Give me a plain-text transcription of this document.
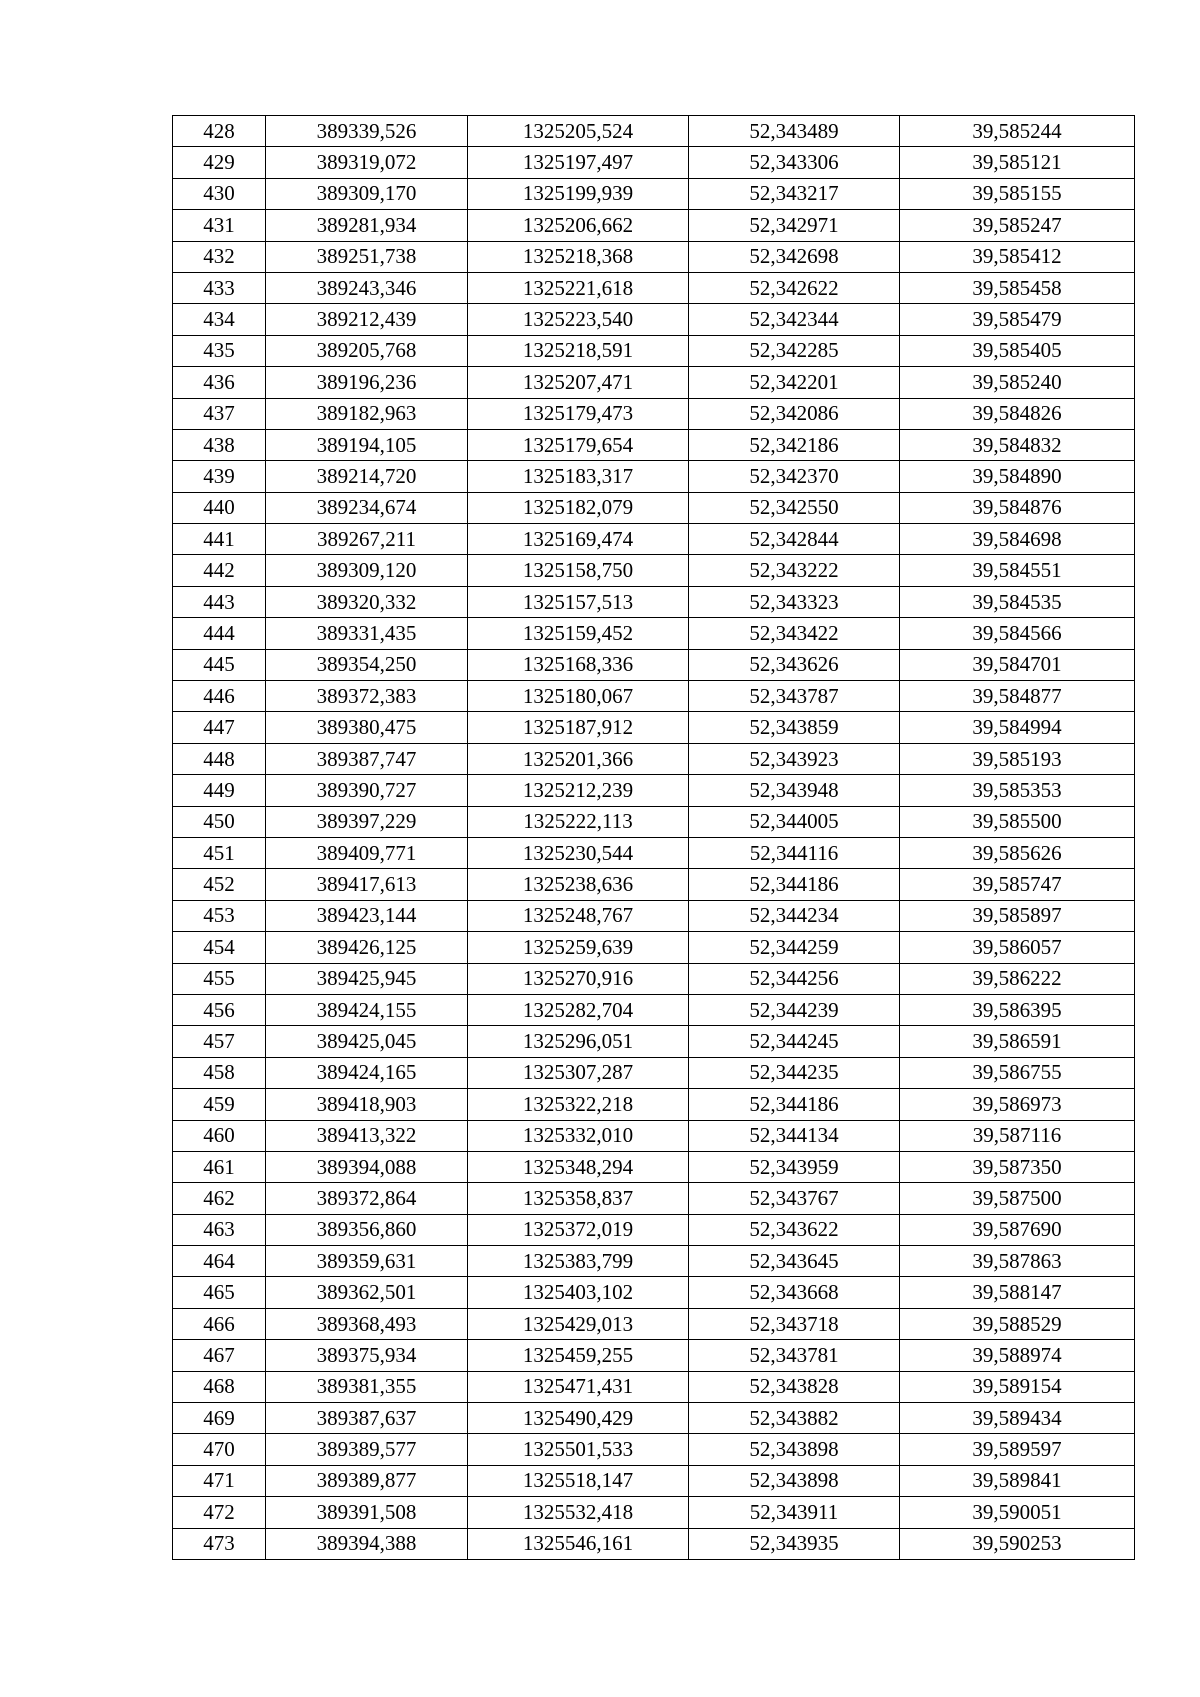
428	389339,526	1325205,524	52,343489	39,585244
429	389319,072	1325197,497	52,343306	39,585121
430	389309,170	1325199,939	52,343217	39,585155
431	389281,934	1325206,662	52,342971	39,585247
432	389251,738	1325218,368	52,342698	39,585412
433	389243,346	1325221,618	52,342622	39,585458
434	389212,439	1325223,540	52,342344	39,585479
435	389205,768	1325218,591	52,342285	39,585405
436	389196,236	1325207,471	52,342201	39,585240
437	389182,963	1325179,473	52,342086	39,584826
438	389194,105	1325179,654	52,342186	39,584832
439	389214,720	1325183,317	52,342370	39,584890
440	389234,674	1325182,079	52,342550	39,584876
441	389267,211	1325169,474	52,342844	39,584698
442	389309,120	1325158,750	52,343222	39,584551
443	389320,332	1325157,513	52,343323	39,584535
444	389331,435	1325159,452	52,343422	39,584566
445	389354,250	1325168,336	52,343626	39,584701
446	389372,383	1325180,067	52,343787	39,584877
447	389380,475	1325187,912	52,343859	39,584994
448	389387,747	1325201,366	52,343923	39,585193
449	389390,727	1325212,239	52,343948	39,585353
450	389397,229	1325222,113	52,344005	39,585500
451	389409,771	1325230,544	52,344116	39,585626
452	389417,613	1325238,636	52,344186	39,585747
453	389423,144	1325248,767	52,344234	39,585897
454	389426,125	1325259,639	52,344259	39,586057
455	389425,945	1325270,916	52,344256	39,586222
456	389424,155	1325282,704	52,344239	39,586395
457	389425,045	1325296,051	52,344245	39,586591
458	389424,165	1325307,287	52,344235	39,586755
459	389418,903	1325322,218	52,344186	39,586973
460	389413,322	1325332,010	52,344134	39,587116
461	389394,088	1325348,294	52,343959	39,587350
462	389372,864	1325358,837	52,343767	39,587500
463	389356,860	1325372,019	52,343622	39,587690
464	389359,631	1325383,799	52,343645	39,587863
465	389362,501	1325403,102	52,343668	39,588147
466	389368,493	1325429,013	52,343718	39,588529
467	389375,934	1325459,255	52,343781	39,588974
468	389381,355	1325471,431	52,343828	39,589154
469	389387,637	1325490,429	52,343882	39,589434
470	389389,577	1325501,533	52,343898	39,589597
471	389389,877	1325518,147	52,343898	39,589841
472	389391,508	1325532,418	52,343911	39,590051
473	389394,388	1325546,161	52,343935	39,590253
